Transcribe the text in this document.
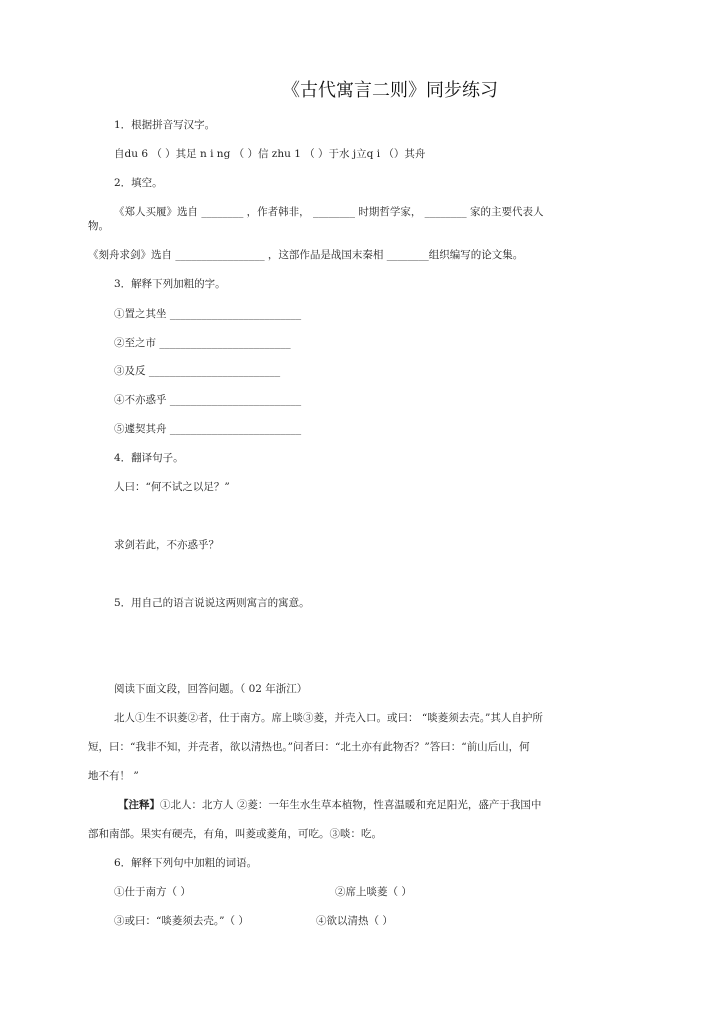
《古代寓言二则》同步练习
1．根据拼音写汉字。
自du 6 （ ）其足 n i ng （ ）信 zhu 1 （ ）于水 j立q i （）其舟
2．填空。
《郑人买履》选自 ________ ，作者韩非， ________ 时期哲学家， ________ 家的主要代表人
物。
《刻舟求剑》选自 _________________ ，这部作品是战国末秦相 ________组织编写的论文集。
3．解释下列加粗的字。
①置之其坐 _________________________
②至之市 _________________________
③及反 _________________________
④不亦惑乎 _________________________
⑤遽契其舟 _________________________
4．翻译句子。
人曰：“何不试之以足？”
求剑若此，不亦惑乎？
5．用自己的语言说说这两则寓言的寓意。
阅读下面文段，回答问题。（ 02 年浙江）
北人①生不识菱②者，仕于南方。席上啖③菱，并壳入口。或曰： “啖菱须去壳。”其人自护所
短，曰：“我非不知，并壳者，欲以清热也。”问者曰：“北土亦有此物否？”答曰：“前山后山，何
地不有！ ”
【注释】①北人：北方人 ②菱：一年生水生草本植物，性喜温暖和充足阳光，盛产于我国中
部和南部。果实有硬壳，有角，叫菱或菱角，可吃。③啖：吃。
6．解释下列句中加粗的词语。
①仕于南方（ ）	②席上啖菱（ ）
③或曰：“啖菱须去壳。”（ ）	④欲以清热（ ）
